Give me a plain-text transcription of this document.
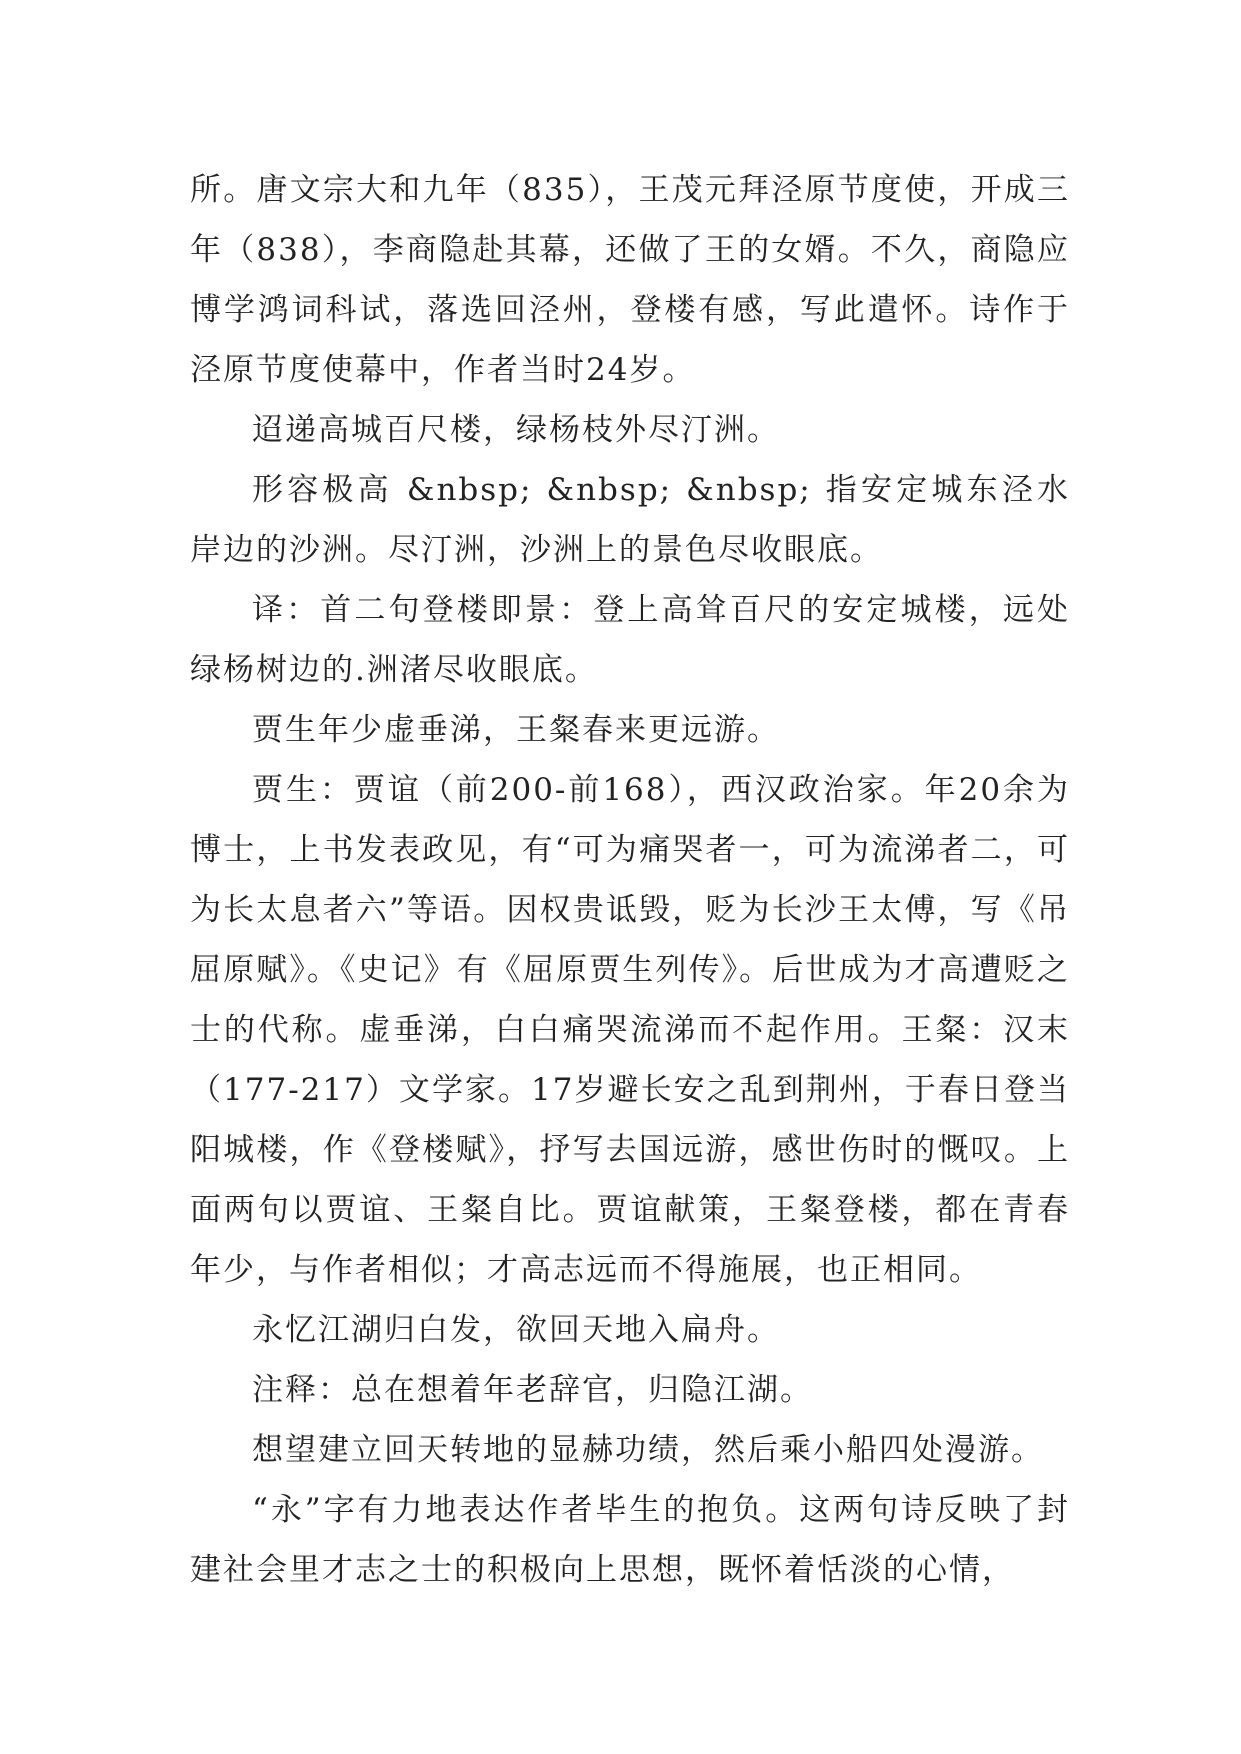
所。唐文宗大和九年（835），王茂元拜泾原节度使，开成三年（838），李商隐赴其幕，还做了王的女婿。不久，商隐应博学鸿词科试，落选回泾州，登楼有感，写此遣怀。诗作于泾原节度使幕中，作者当时24岁。

迢递高城百尺楼，绿杨枝外尽汀洲。

形容极高 &nbsp; &nbsp; &nbsp; 指安定城东泾水岸边的沙洲。尽汀洲，沙洲上的景色尽收眼底。

译：首二句登楼即景：登上高耸百尺的安定城楼，远处绿杨树边的.洲渚尽收眼底。

贾生年少虚垂涕，王粲春来更远游。

贾生：贾谊（前200-前168），西汉政治家。年20余为博士，上书发表政见，有“可为痛哭者一，可为流涕者二，可为长太息者六”等语。因权贵诋毁，贬为长沙王太傅，写《吊屈原赋》。《史记》有《屈原贾生列传》。后世成为才高遭贬之士的代称。虚垂涕，白白痛哭流涕而不起作用。王粲：汉末（177-217）文学家。17岁避长安之乱到荆州，于春日登当阳城楼，作《登楼赋》，抒写去国远游，感世伤时的慨叹。上面两句以贾谊、王粲自比。贾谊献策，王粲登楼，都在青春年少，与作者相似；才高志远而不得施展，也正相同。

永忆江湖归白发，欲回天地入扁舟。

注释：总在想着年老辞官，归隐江湖。

想望建立回天转地的显赫功绩，然后乘小船四处漫游。

“永”字有力地表达作者毕生的抱负。这两句诗反映了封建社会里才志之士的积极向上思想，既怀着恬淡的心情，
